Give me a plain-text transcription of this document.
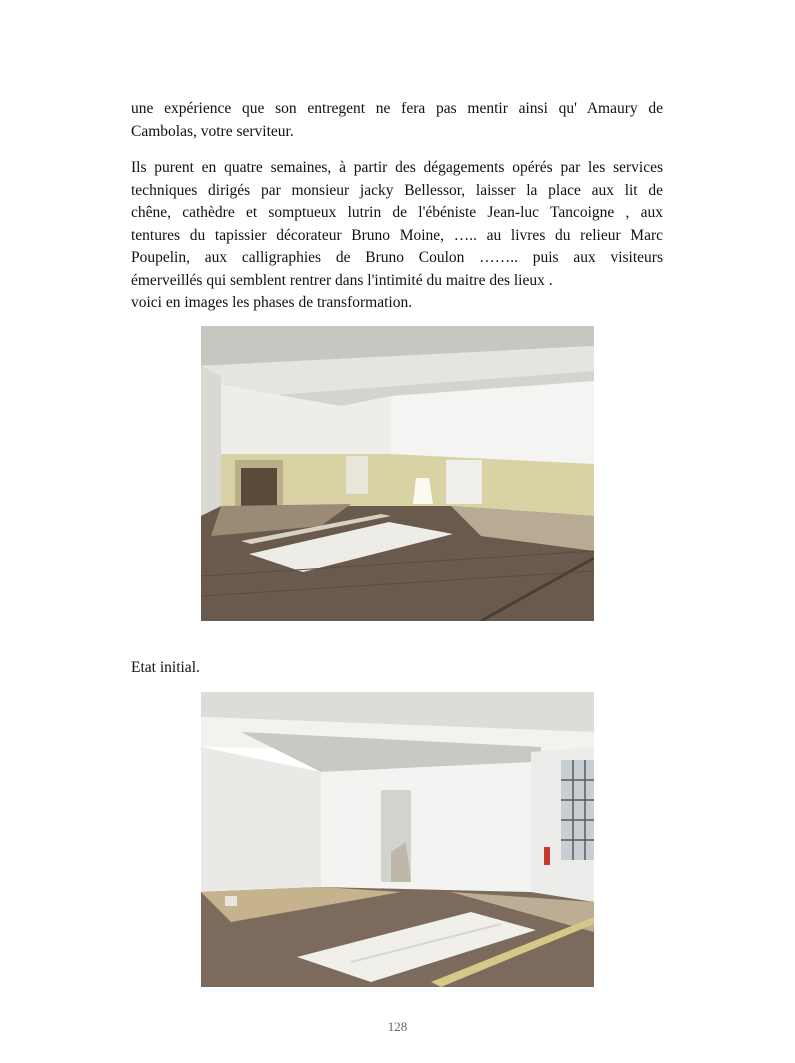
une expérience que son entregent ne fera pas mentir ainsi qu' Amaury de
Cambolas, votre serviteur.

Ils purent en quatre semaines, à partir des dégagements opérés par les services
techniques dirigés par monsieur jacky Bellessor, laisser la place aux lit de
chêne, cathèdre et somptueux lutrin de l'ébéniste Jean-luc Tancoigne , aux
tentures du tapissier décorateur Bruno Moine, ….. au livres du relieur Marc
Poupelin, aux calligraphies de Bruno Coulon …….. puis aux visiteurs
émerveillés qui semblent rentrer dans l'intimité du maitre des lieux .
voici en images les phases de transformation.

Etat initial.

128
